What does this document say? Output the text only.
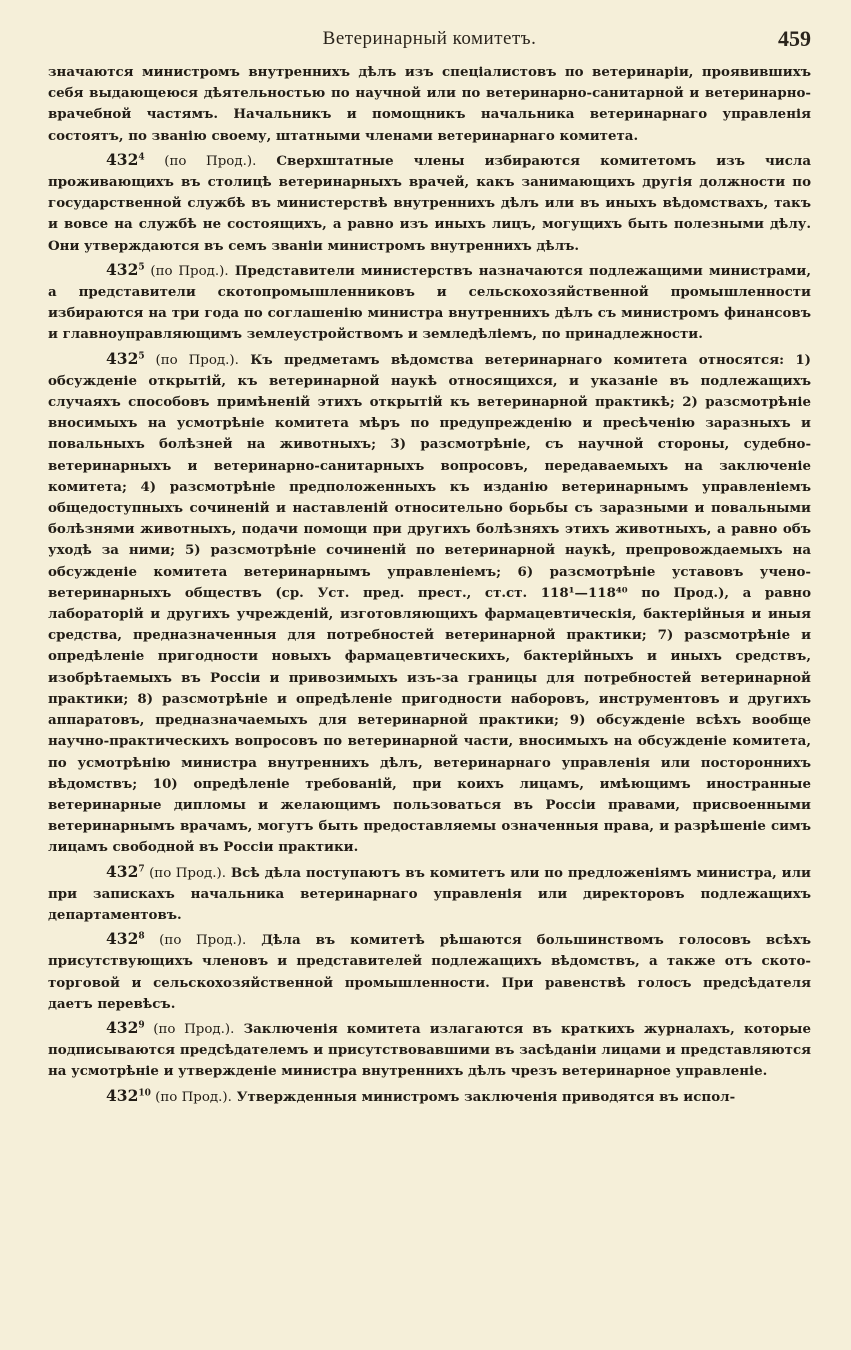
Ветеринарный комитетъ.	459

значаются министромъ внутреннихъ дѣлъ изъ спеціалистовъ по ветеринаріи, проявившихъ себя выдающеюся дѣятельностью по научной или по ветеринарно-санитарной и ветеринарно-врачебной частямъ. Начальникъ и помощникъ начальника ветеринарнаго управленія состоятъ, по званію своему, штатными членами ветеринарнаго комитета.

$432^4$ (по Прод.). Сверхштатные члены избираются комитетомъ изъ числа проживающихъ въ столицѣ ветеринарныхъ врачей, какъ занимающихъ другія должности по государственной службѣ въ министерствѣ внутреннихъ дѣлъ или въ иныхъ вѣдомствахъ, такъ и вовсе на службѣ не состоящихъ, а равно изъ иныхъ лицъ, могущихъ быть полезными дѣлу. Они утверждаются въ семъ званіи министромъ внутреннихъ дѣлъ.

$432^5$ (по Прод.). Представители министерствъ назначаются подлежащими министрами, а представители скотопромышленниковъ и сельскохозяйственной промышленности избираются на три года по соглашенію министра внутреннихъ дѣлъ съ министромъ финансовъ и главноуправляющимъ землеустройствомъ и земледѣліемъ, по принадлежности.

$432^5$ (по Прод.). Къ предметамъ вѣдомства ветеринарнаго комитета относятся: 1) обсужденіе открытій, къ ветеринарной наукѣ относящихся, и указаніе въ подлежащихъ случаяхъ способовъ примѣненій этихъ открытій къ ветеринарной практикѣ; 2) разсмотрѣніе вносимыхъ на усмотрѣніе комитета мѣръ по предупрежденію и пресѣченію заразныхъ и повальныхъ болѣзней на животныхъ; 3) разсмотрѣніе, съ научной стороны, судебно-ветеринарныхъ и ветеринарно-санитарныхъ вопросовъ, передаваемыхъ на заключеніе комитета; 4) разсмотрѣніе предположенныхъ къ изданію ветеринарнымъ управленіемъ общедоступныхъ сочиненій и наставленій относительно борьбы съ заразными и повальными болѣзнями животныхъ, подачи помощи при другихъ болѣзняхъ этихъ животныхъ, а равно объ уходѣ за ними; 5) разсмотрѣніе сочиненій по ветеринарной наукѣ, препровождаемыхъ на обсужденіе комитета ветеринарнымъ управленіемъ; 6) разсмотрѣніе уставовъ учено-ветеринарныхъ обществъ (ср. Уст. пред. прест., ст.ст. 118¹—118⁴⁰ по Прод.), а равно лабораторій и другихъ учрежденій, изготовляющихъ фармацевтическія, бактерійныя и иныя средства, предназначенныя для потребностей ветеринарной практики; 7) разсмотрѣніе и опредѣленіе пригодности новыхъ фармацевтическихъ, бактерійныхъ и иныхъ средствъ, изобрѣтаемыхъ въ Россіи и привозимыхъ изъ-за границы для потребностей ветеринарной практики; 8) разсмотрѣніе и опредѣленіе пригодности наборовъ, инструментовъ и другихъ аппаратовъ, предназначаемыхъ для ветеринарной практики; 9) обсужденіе всѣхъ вообще научно-практическихъ вопросовъ по ветеринарной части, вносимыхъ на обсужденіе комитета, по усмотрѣнію министра внутреннихъ дѣлъ, ветеринарнаго управленія или постороннихъ вѣдомствъ; 10) опредѣленіе требованій, при коихъ лицамъ, имѣющимъ иностранные ветеринарные дипломы и желающимъ пользоваться въ Россіи правами, присвоенными ветеринарнымъ врачамъ, могутъ быть предоставляемы означенныя права, и разрѣшеніе симъ лицамъ свободной въ Россіи практики.

$432^7$ (по Прод.). Всѣ дѣла поступаютъ въ комитетъ или по предложеніямъ министра, или при запискахъ начальника ветеринарнаго управленія или директоровъ подлежащихъ департаментовъ.

$432^8$ (по Прод.). Дѣла въ комитетѣ рѣшаются большинствомъ голосовъ всѣхъ присутствующихъ членовъ и представителей подлежащихъ вѣдомствъ, а также отъ ското-торговой и сельскохозяйственной промышленности. При равенствѣ голосъ предсѣдателя даетъ перевѣсъ.

$432^9$ (по Прод.). Заключенія комитета излагаются въ краткихъ журналахъ, которые подписываются предсѣдателемъ и присутствовавшими въ засѣданіи лицами и представляются на усмотрѣніе и утвержденіе министра внутреннихъ дѣлъ чрезъ ветеринарное управленіе.

$432^{10}$ (по Прод.). Утвержденныя министромъ заключенія приводятся въ испол-
